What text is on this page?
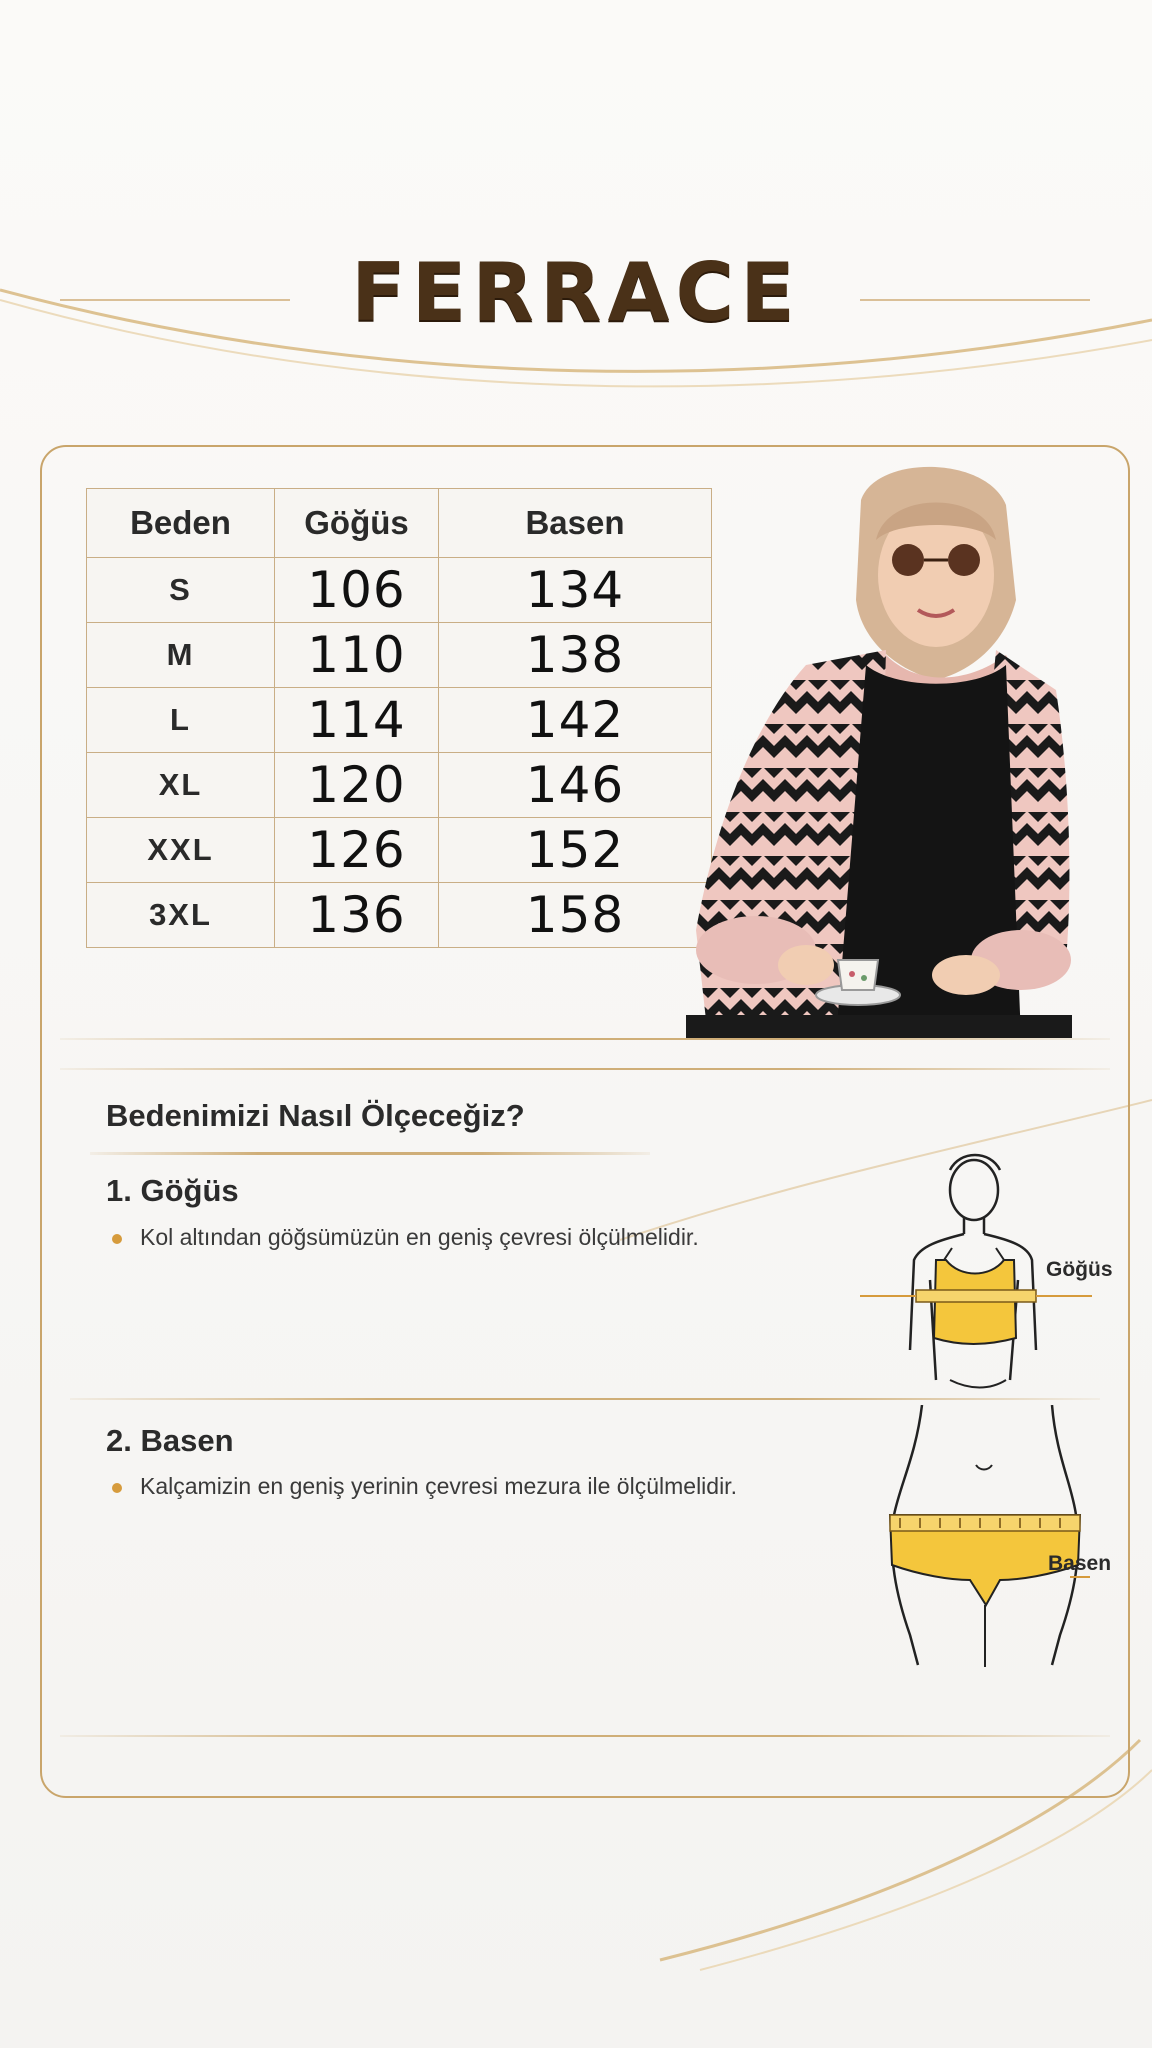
FERRACE
Beden	Göğüs	Basen
S	106	134
M	110	138
L	114	142
XL	120	146
XXL	126	152
3XL	136	158
Bedenimizi Nasıl Ölçeceğiz?
1. Göğüs
Kol altından göğsümüzün en geniş çevresi ölçülmelidir.
2. Basen
Kalçamizin en geniş yerinin çevresi mezura ile ölçülmelidir.
Göğüs
Basen
